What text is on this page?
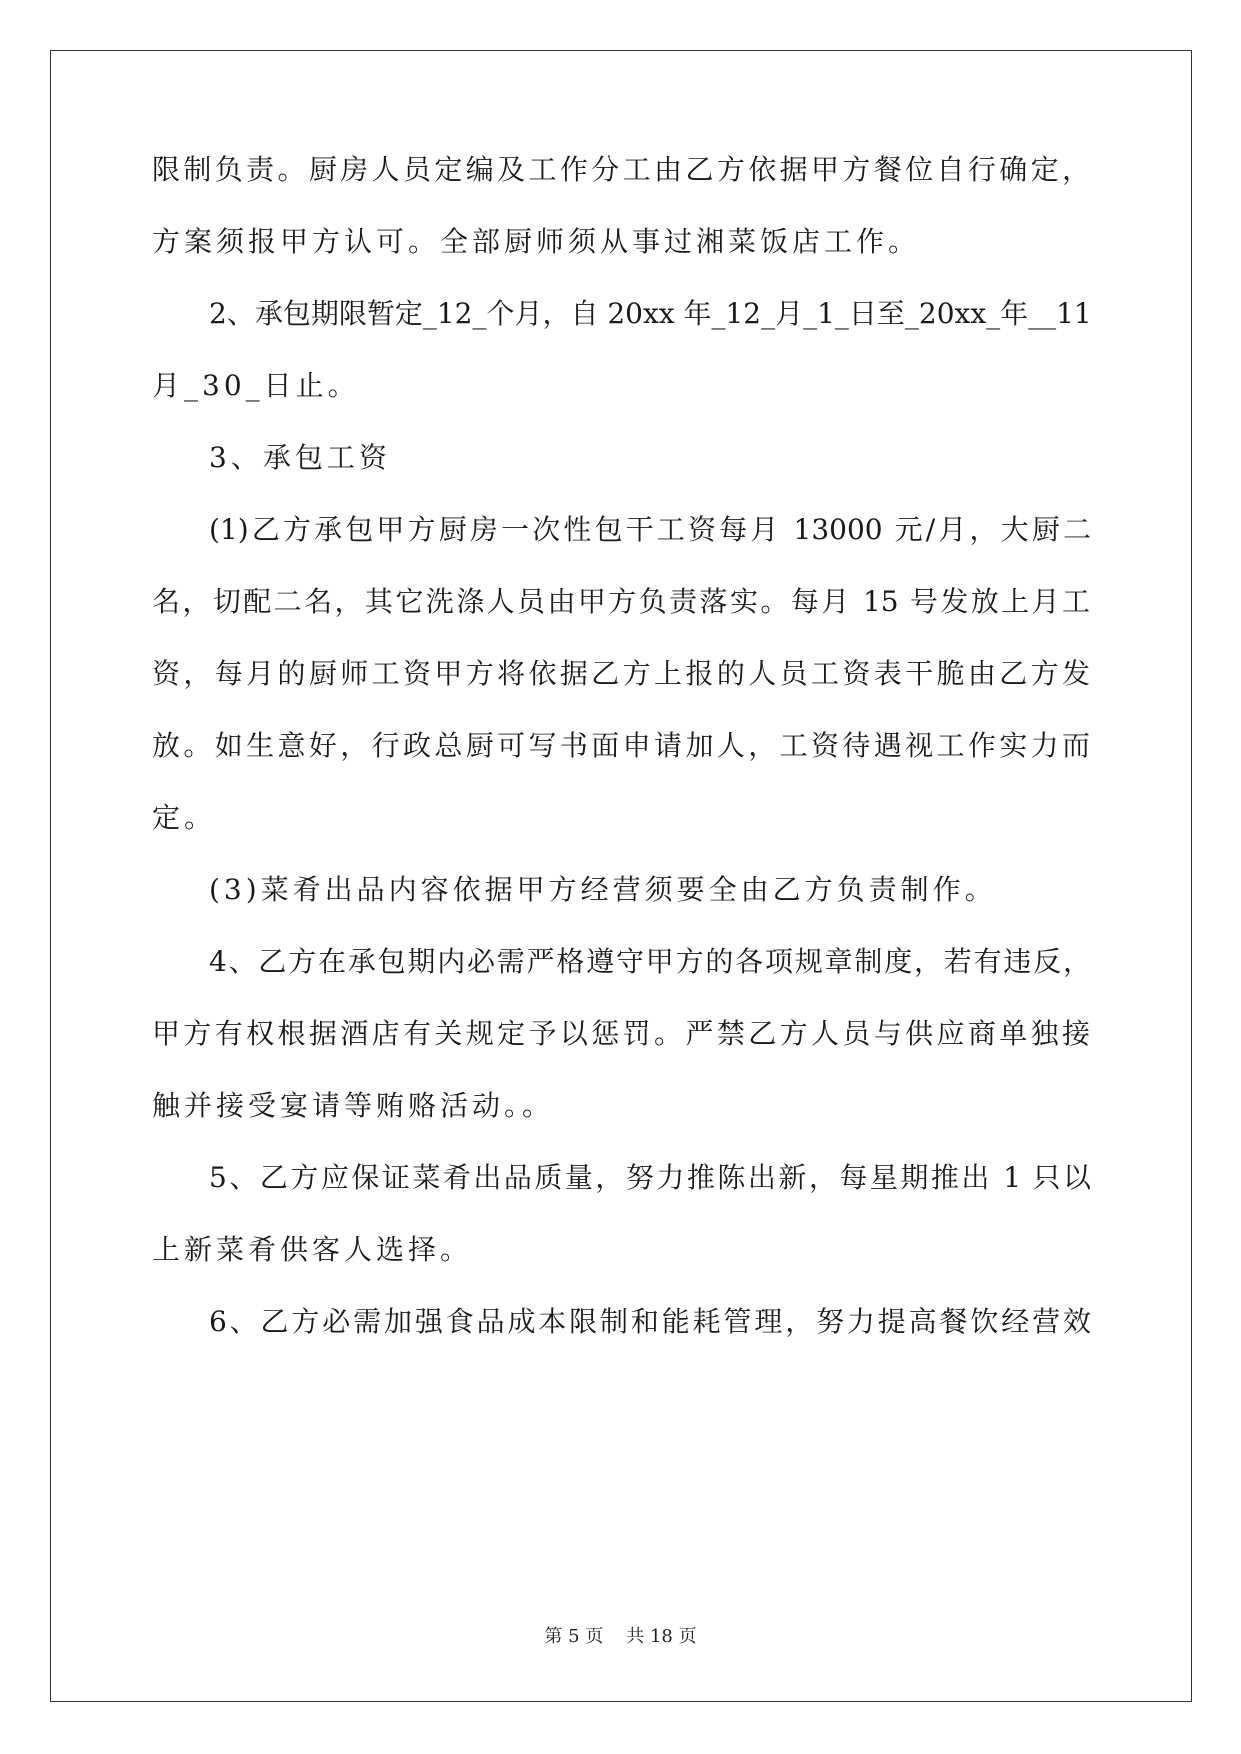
限制负责。厨房人员定编及工作分工由乙方依据甲方餐位自行确定，
方案须报甲方认可。全部厨师须从事过湘菜饭店工作。
2、承包期限暂定_12_个月，自 20xx 年_12_月_1_日至_20xx_年__11
月_30_日止。
3、承包工资
(1)乙方承包甲方厨房一次性包干工资每月 13000 元/月，大厨二
名，切配二名，其它洗涤人员由甲方负责落实。每月 15 号发放上月工
资，每月的厨师工资甲方将依据乙方上报的人员工资表干脆由乙方发
放。如生意好，行政总厨可写书面申请加人，工资待遇视工作实力而
定。
(3)菜肴出品内容依据甲方经营须要全由乙方负责制作。
4、乙方在承包期内必需严格遵守甲方的各项规章制度，若有违反，
甲方有权根据酒店有关规定予以惩罚。严禁乙方人员与供应商单独接
触并接受宴请等贿赂活动。。
5、乙方应保证菜肴出品质量，努力推陈出新，每星期推出 1 只以
上新菜肴供客人选择。
6、乙方必需加强食品成本限制和能耗管理，努力提高餐饮经营效
第 5 页 共 18 页
